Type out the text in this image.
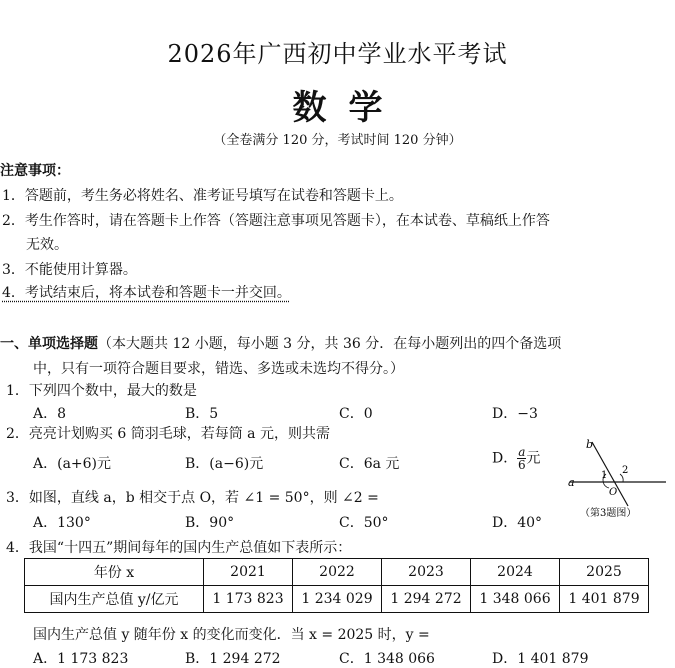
2026年广西初中学业水平考试
数学
（全卷满分 120 分，考试时间 120 分钟）
注意事项：
1．答题前，考生务必将姓名、准考证号填写在试卷和答题卡上。
2．考生作答时，请在答题卡上作答（答题注意事项见答题卡），在本试卷、草稿纸上作答
无效。
3．不能使用计算器。
4．考试结束后，将本试卷和答题卡一并交回。
一、单项选择题（本大题共 12 小题，每小题 3 分，共 36 分．在每小题列出的四个备选项
中，只有一项符合题目要求，错选、多选或未选均不得分。）
1．下列四个数中，最大的数是
A．8	B．5	C．0	D．−3
2．亮亮计划购买 6 筒羽毛球，若每筒 a 元，则共需
A．(a+6)元	B．(a−6)元	C．6a 元	D． $\frac{a}{6}$ 元
b
a
1 2
O
（第3题图）
3．如图，直线 a，b 相交于点 O，若 ∠1 = 50°，则 ∠2 =
A．130°	B．90°	C．50°	D．40°
4．我国“十四五”期间每年的国内生产总值如下表所示：
年份 x	2021	2022	2023	2024	2025
国内生产总值 y/亿元	1 173 823	1 234 029	1 294 272	1 348 066	1 401 879
国内生产总值 y 随年份 x 的变化而变化．当 x = 2025 时，y =
A．1 173 823	B．1 294 272	C．1 348 066	D．1 401 879
